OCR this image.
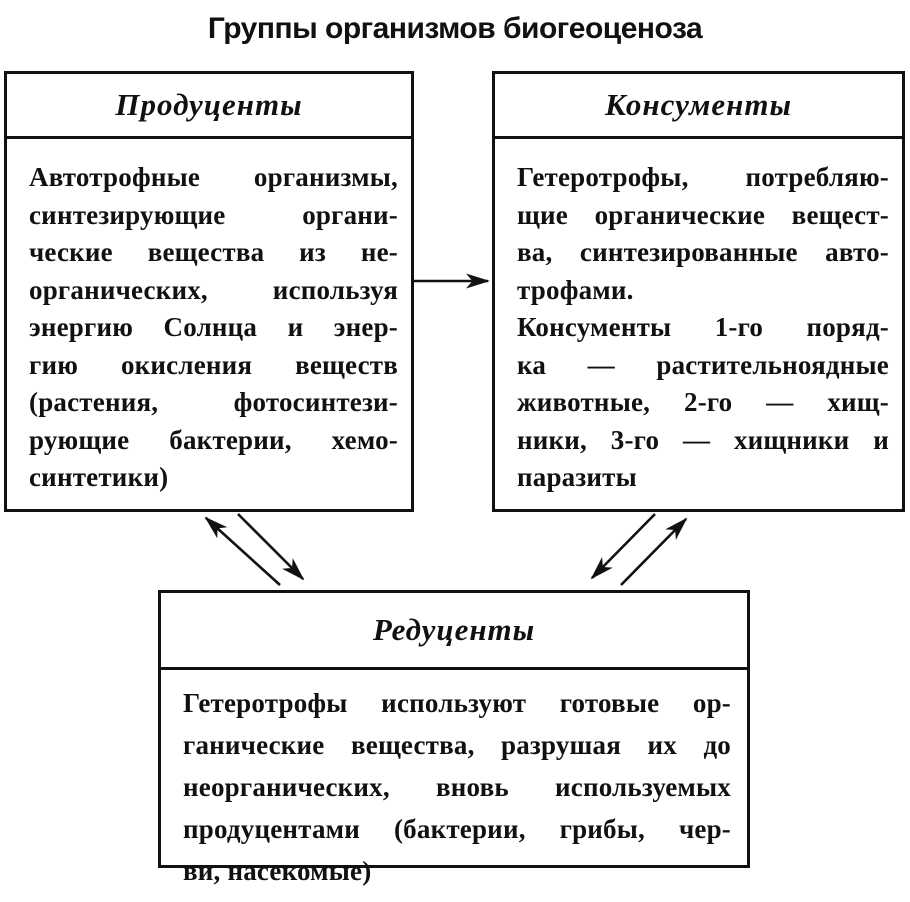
Группы организмов биогеоценоза
Продуценты
Автотрофные организмы,
синтезирующие органи-
ческие вещества из не-
органических, используя
энергию Солнца и энер-
гию окисления веществ
(растения, фотосинтези-
рующие бактерии, хемо-
синтетики)
Консументы
Гетеротрофы, потребляю-
щие органические вещест-
ва, синтезированные авто-
трофами.
Консументы 1-го поряд-
ка — растительноядные
животные, 2-го — хищ-
ники, 3-го — хищники и
паразиты
Редуценты
Гетеротрофы используют готовые ор-
ганические вещества, разрушая их до
неорганических, вновь используемых
продуцентами (бактерии, грибы, чер-
ви, насекомые)
